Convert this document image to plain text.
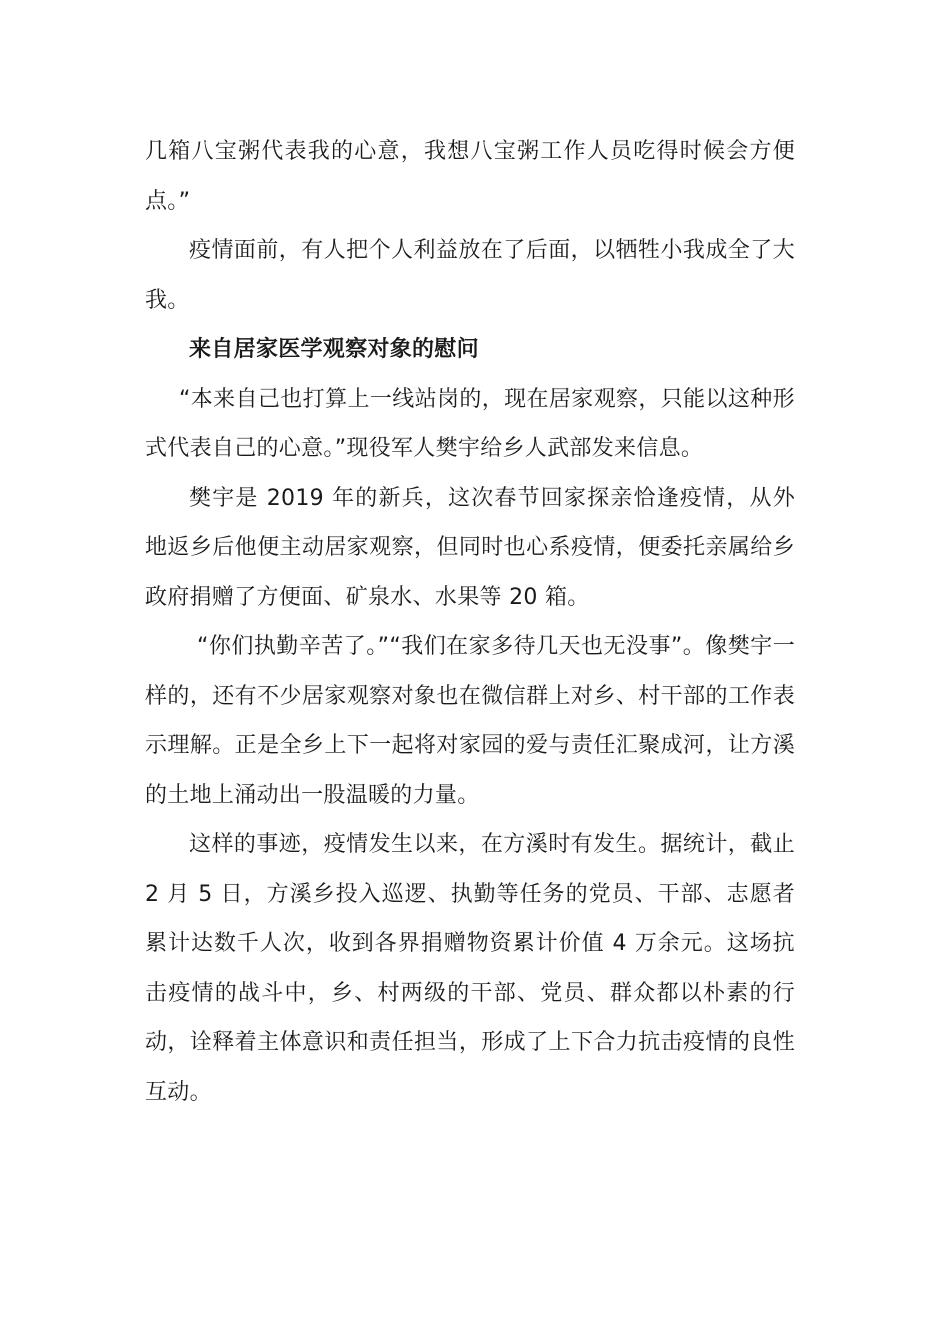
几箱八宝粥代表我的心意，我想八宝粥工作人员吃得时候会方便点。”

疫情面前，有人把个人利益放在了后面，以牺牲小我成全了大我。

来自居家医学观察对象的慰问

“本来自己也打算上一线站岗的，现在居家观察，只能以这种形式代表自己的心意。”现役军人樊宇给乡人武部发来信息。

樊宇是 2019 年的新兵，这次春节回家探亲恰逢疫情，从外地返乡后他便主动居家观察，但同时也心系疫情，便委托亲属给乡政府捐赠了方便面、矿泉水、水果等 20 箱。

“你们执勤辛苦了。”“我们在家多待几天也无没事”。像樊宇一样的，还有不少居家观察对象也在微信群上对乡、村干部的工作表示理解。正是全乡上下一起将对家园的爱与责任汇聚成河，让方溪的土地上涌动出一股温暖的力量。

这样的事迹，疫情发生以来，在方溪时有发生。据统计，截止 2 月 5 日，方溪乡投入巡逻、执勤等任务的党员、干部、志愿者累计达数千人次，收到各界捐赠物资累计价值 4 万余元。这场抗击疫情的战斗中，乡、村两级的干部、党员、群众都以朴素的行动，诠释着主体意识和责任担当，形成了上下合力抗击疫情的良性互动。
